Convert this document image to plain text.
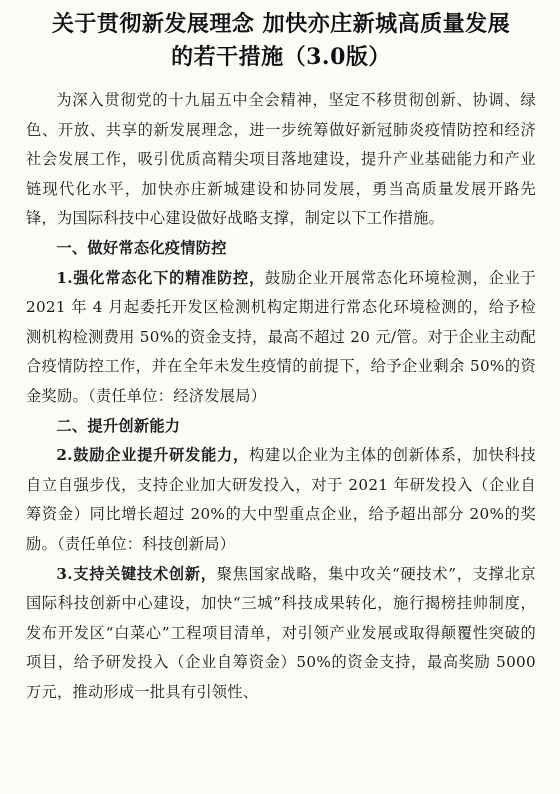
关于贯彻新发展理念 加快亦庄新城高质量发展
的若干措施（3.0版）

为深入贯彻党的十九届五中全会精神，坚定不移贯彻创新、协调、绿色、开放、共享的新发展理念，进一步统筹做好新冠肺炎疫情防控和经济社会发展工作，吸引优质高精尖项目落地建设，提升产业基础能力和产业链现代化水平，加快亦庄新城建设和协同发展，勇当高质量发展开路先锋，为国际科技中心建设做好战略支撑，制定以下工作措施。

一、做好常态化疫情防控

1.强化常态化下的精准防控，鼓励企业开展常态化环境检测，企业于 2021 年 4 月起委托开发区检测机构定期进行常态化环境检测的，给予检测机构检测费用 50%的资金支持，最高不超过 20 元/管。对于企业主动配合疫情防控工作，并在全年未发生疫情的前提下，给予企业剩余 50%的资金奖励。（责任单位：经济发展局）

二、提升创新能力

2.鼓励企业提升研发能力，构建以企业为主体的创新体系，加快科技自立自强步伐，支持企业加大研发投入，对于 2021 年研发投入（企业自筹资金）同比增长超过 20%的大中型重点企业，给予超出部分 20%的奖励。（责任单位：科技创新局）

3.支持关键技术创新，聚焦国家战略，集中攻关“硬技术”，支撑北京国际科技创新中心建设，加快“三城”科技成果转化，施行揭榜挂帅制度，发布开发区“白菜心”工程项目清单，对引领产业发展或取得颠覆性突破的项目，给予研发投入（企业自筹资金）50%的资金支持，最高奖励 5000 万元，推动形成一批具有引领性、
